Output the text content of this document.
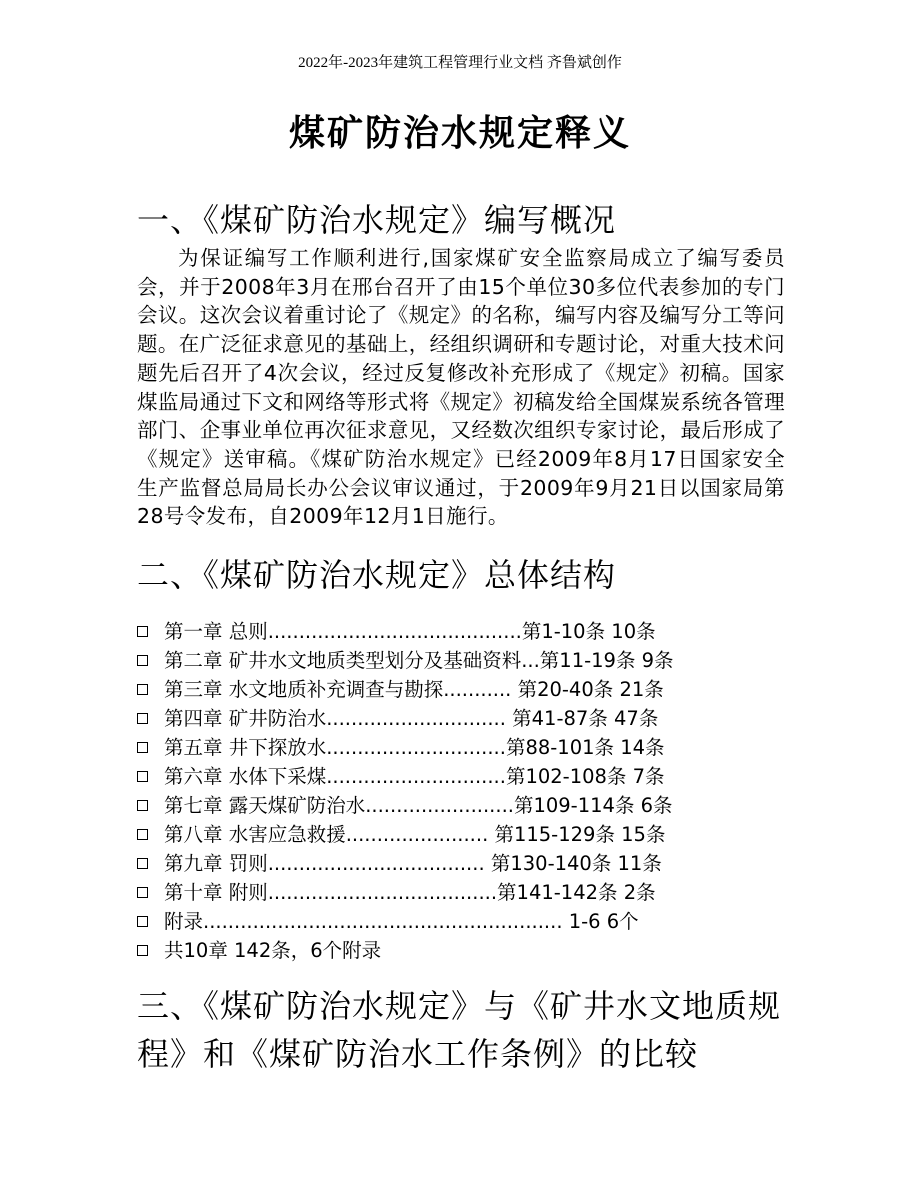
2022年-2023年建筑工程管理行业文档 齐鲁斌创作
煤矿防治水规定释义
一、《煤矿防治水规定》编写概况
为保证编写工作顺利进行,国家煤矿安全监察局成立了编写委员会，并于2008年3月在邢台召开了由15个单位30多位代表参加的专门会议。这次会议着重讨论了《规定》的名称，编写内容及编写分工等问题。在广泛征求意见的基础上，经组织调研和专题讨论，对重大技术问题先后召开了4次会议，经过反复修改补充形成了《规定》初稿。国家煤监局通过下文和网络等形式将《规定》初稿发给全国煤炭系统各管理部门、企事业单位再次征求意见，又经数次组织专家讨论，最后形成了《规定》送审稿。《煤矿防治水规定》已经2009年8月17日国家安全生产监督总局局长办公会议审议通过，于2009年9月21日以国家局第28号令发布，自2009年12月1日施行。
二、《煤矿防治水规定》总体结构
第一章 总则.........................................第1-10条 10条
第二章 矿井水文地质类型划分及基础资料...第11-19条 9条
第三章 水文地质补充调查与勘探........... 第20-40条 21条
第四章 矿井防治水............................. 第41-87条 47条
第五章 井下探放水.............................第88-101条 14条
第六章 水体下采煤.............................第102-108条 7条
第七章 露天煤矿防治水........................第109-114条 6条
第八章 水害应急救援....................... 第115-129条 15条
第九章 罚则................................... 第130-140条 11条
第十章 附则.....................................第141-142条 2条
附录.......................................................... 1-6 6个
共10章 142条，6个附录
三、《煤矿防治水规定》与《矿井水文地质规程》和《煤矿防治水工作条例》的比较
